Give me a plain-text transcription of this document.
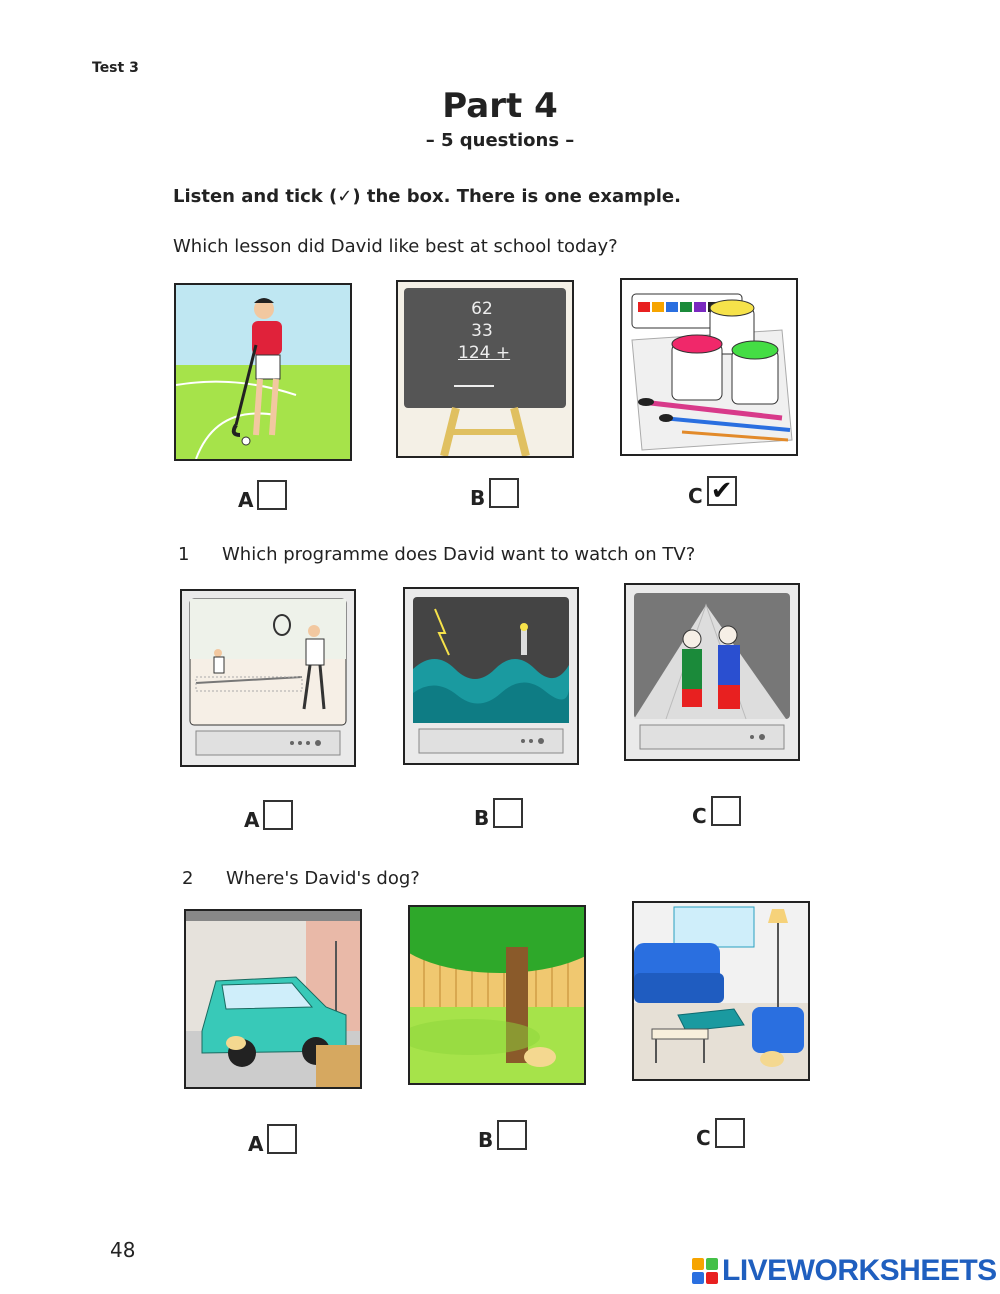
Test 3
Part 4
– 5 questions –
Listen and tick (✓) the box. There is one example.
Which lesson did David like best at school today?
62
33
124 +
A	B	C ✔
1 Which programme does David want to watch on TV?
A	B	C
2 Where's David's dog?
A	B	C
48
LIVEWORKSHEETS
